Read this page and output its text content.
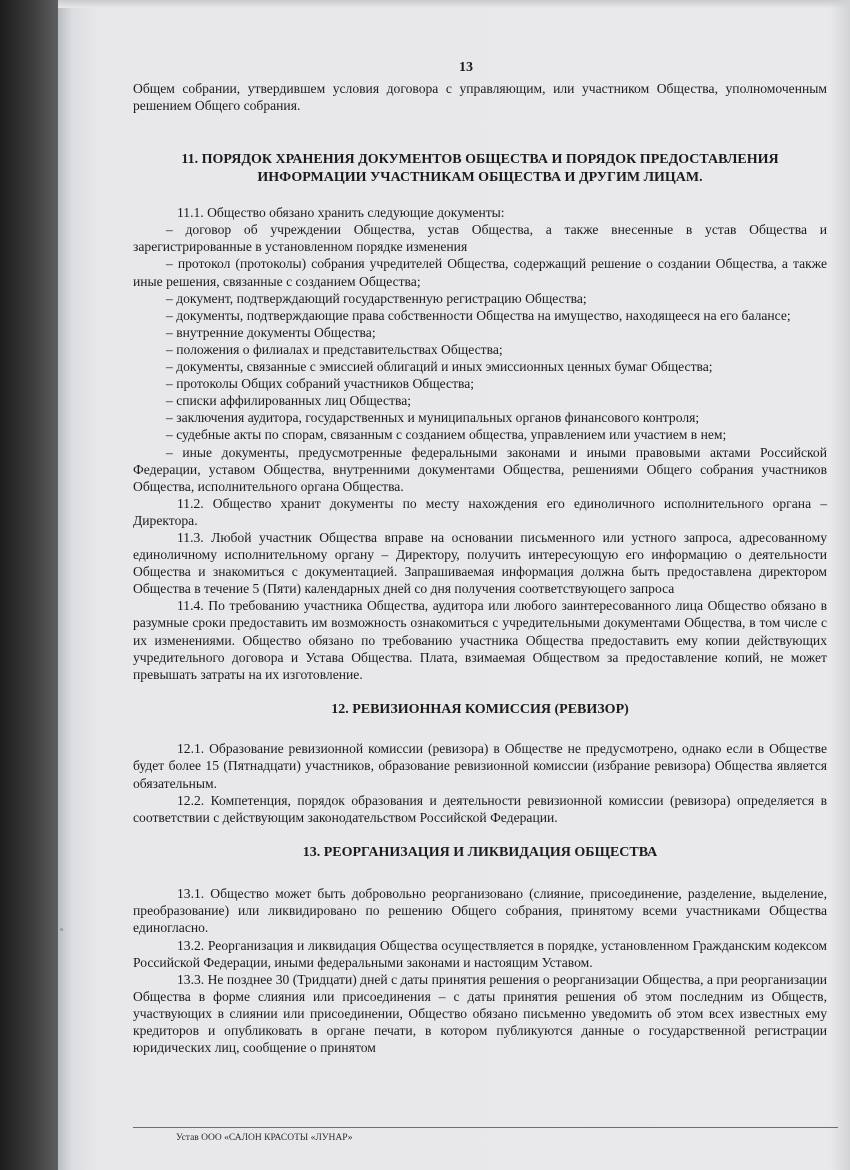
13

Общем собрании, утвердившем условия договора с управляющим, или участником Общества, уполномоченным решением Общего собрания.

11. ПОРЯДОК ХРАНЕНИЯ ДОКУМЕНТОВ ОБЩЕСТВА И ПОРЯДОК ПРЕДОСТАВЛЕНИЯ ИНФОРМАЦИИ УЧАСТНИКАМ ОБЩЕСТВА И ДРУГИМ ЛИЦАМ.

11.1. Общество обязано хранить следующие документы:

– договор об учреждении Общества, устав Общества, а также внесенные в устав Общества и зарегистрированные в установленном порядке изменения

– протокол (протоколы) собрания учредителей Общества, содержащий решение о создании Общества, а также иные решения, связанные с созданием Общества;

– документ, подтверждающий государственную регистрацию Общества;

– документы, подтверждающие права собственности Общества на имущество, находящееся на его балансе;

– внутренние документы Общества;

– положения о филиалах и представительствах Общества;

– документы, связанные с эмиссией облигаций и иных эмиссионных ценных бумаг Общества;

– протоколы Общих собраний участников Общества;

– списки аффилированных лиц Общества;

– заключения аудитора, государственных и муниципальных органов финансового контроля;

– судебные акты по спорам, связанным с созданием общества, управлением или участием в нем;

– иные документы, предусмотренные федеральными законами и иными правовыми актами Российской Федерации, уставом Общества, внутренними документами Общества, решениями Общего собрания участников Общества, исполнительного органа Общества.

11.2. Общество хранит документы по месту нахождения его единоличного исполнительного органа – Директора.

11.3. Любой участник Общества вправе на основании письменного или устного запроса, адресованному единоличному исполнительному органу – Директору, получить интересующую его информацию о деятельности Общества и знакомиться с документацией. Запрашиваемая информация должна быть предоставлена директором Общества в течение 5 (Пяти) календарных дней со дня получения соответствующего запроса

11.4. По требованию участника Общества, аудитора или любого заинтересованного лица Общество обязано в разумные сроки предоставить им возможность ознакомиться с учредительными документами Общества, в том числе с их изменениями. Общество обязано по требованию участника Общества предоставить ему копии действующих учредительного договора и Устава Общества. Плата, взимаемая Обществом за предоставление копий, не может превышать затраты на их изготовление.

12. РЕВИЗИОННАЯ КОМИССИЯ (РЕВИЗОР)

12.1. Образование ревизионной комиссии (ревизора) в Обществе не предусмотрено, однако если в Обществе будет более 15 (Пятнадцати) участников, образование ревизионной комиссии (избрание ревизора) Общества является обязательным.

12.2. Компетенция, порядок образования и деятельности ревизионной комиссии (ревизора) определяется в соответствии с действующим законодательством Российской Федерации.

13. РЕОРГАНИЗАЦИЯ И ЛИКВИДАЦИЯ ОБЩЕСТВА

13.1. Общество может быть добровольно реорганизовано (слияние, присоединение, разделение, выделение, преобразование) или ликвидировано по решению Общего собрания, принятому всеми участниками Общества единогласно.

13.2. Реорганизация и ликвидация Общества осуществляется в порядке, установленном Гражданским кодексом Российской Федерации, иными федеральными законами и настоящим Уставом.

13.3. Не позднее 30 (Тридцати) дней с даты принятия решения о реорганизации Общества, а при реорганизации Общества в форме слияния или присоединения – с даты принятия решения об этом последним из Обществ, участвующих в слиянии или присоединении, Общество обязано письменно уведомить об этом всех известных ему кредиторов и опубликовать в органе печати, в котором публикуются данные о государственной регистрации юридических лиц, сообщение о принятом

Устав ООО «САЛОН КРАСОТЫ «ЛУНАР»
